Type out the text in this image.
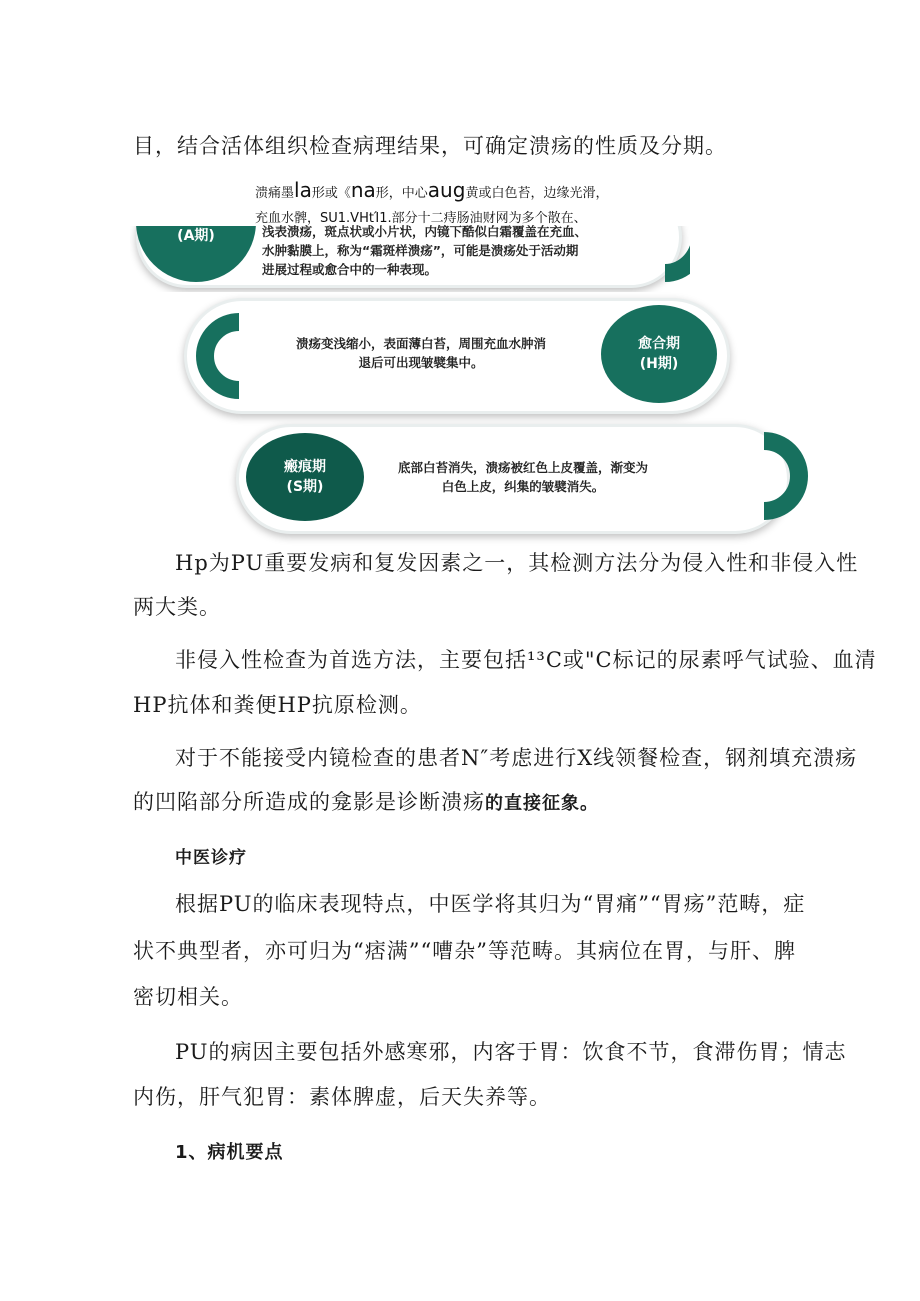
目，结合活体组织检查病理结果，可确定溃疡的性质及分期。

溃痛墨la形或《na形，中心aug黄或白色苔，边缘光滑，
充血水髀，SU1.VHtΊ1.部分十二痔肠油财网为多个散在、
(A期)	浅表溃疡，斑点状或小片状，内镜下酷似白霜覆盖在充血、
水肿黏膜上，称为“霜斑样溃疡”，可能是溃疡处于活动期
进展过程或愈合中的一种表现。
愈合期
(H期)
溃疡变浅缩小，表面薄白苔，周围充血水肿消
退后可出现皱襞集中。
瘢痕期
(S期)
底部白苔消失，溃疡被红色上皮覆盖，渐变为
白色上皮，纠集的皱襞消失。

Hp为PU重要发病和复发因素之一，其检测方法分为侵入性和非侵入性

两大类。

非侵入性检查为首选方法，主要包括¹³C或"C标记的尿素呼气试验、血清

HP抗体和粪便HP抗原检测。

对于不能接受内镜检查的患者N″考虑进行X线领餐检查，钢剂填充溃疡

的凹陷部分所造成的龛影是诊断溃疡的直接征象。

中医诊疗

根据PU的临床表现特点，中医学将其归为“胃痛”“胃疡”范畴，症

状不典型者，亦可归为“痞满”“嘈杂”等范畴。其病位在胃，与肝、脾

密切相关。

PU的病因主要包括外感寒邪，内客于胃：饮食不节，食滞伤胃；情志

内伤，肝气犯胃：素体脾虚，后天失养等。

1、病机要点
